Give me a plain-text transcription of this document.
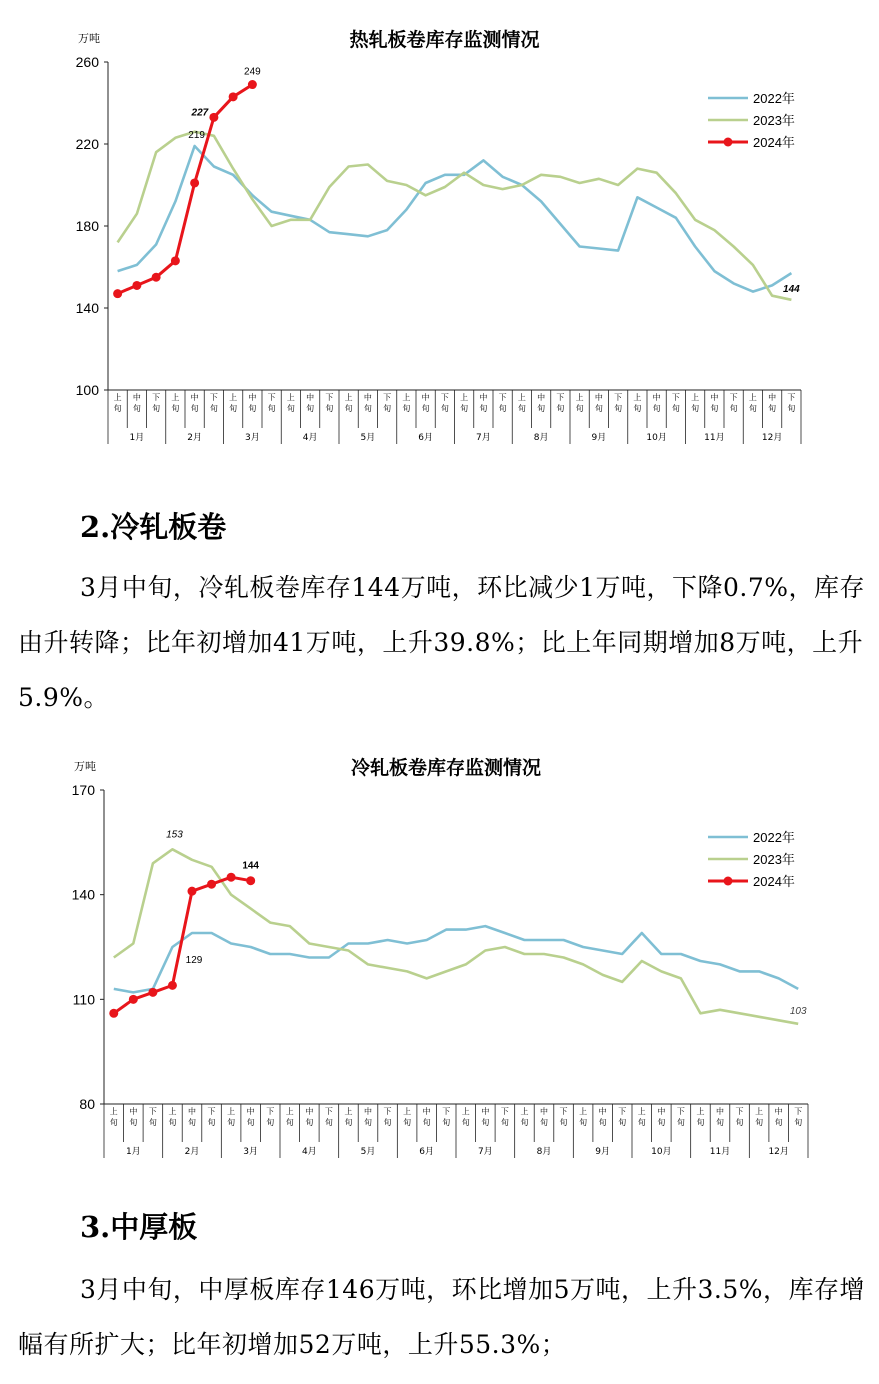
热轧板卷库存监测情况
万吨
100
140
180
220
260
上旬
中旬
下旬
上旬
中旬
下旬
上旬
中旬
下旬
上旬
中旬
下旬
上旬
中旬
下旬
上旬
中旬
下旬
上旬
中旬
下旬
上旬
中旬
下旬
上旬
中旬
下旬
上旬
中旬
下旬
上旬
中旬
下旬
上旬
中旬
下旬
1月	2月	3月	4月	5月	6月	7月	8月	9月	10月	11月	12月
249
227
219
144
2022年
2023年
2024年
2.冷轧板卷

3月中旬，冷轧板卷库存144万吨，环比减少1万吨，下降0.7%，库存由升转降；比年初增加41万吨，上升39.8%；比上年同期增加8万吨，上升5.9%。

冷轧板卷库存监测情况
万吨
80
110
140
170
上旬
中旬
下旬
上旬
中旬
下旬
上旬
中旬
下旬
上旬
中旬
下旬
上旬
中旬
下旬
上旬
中旬
下旬
上旬
中旬
下旬
上旬
中旬
下旬
上旬
中旬
下旬
上旬
中旬
下旬
上旬
中旬
下旬
上旬
中旬
下旬
1月	2月	3月	4月	5月	6月	7月	8月	9月	10月	11月	12月
153
144
129
103
2022年
2023年
2024年
3.中厚板

3月中旬，中厚板库存146万吨，环比增加5万吨，上升3.5%，库存增幅有所扩大；比年初增加52万吨，上升55.3%；
